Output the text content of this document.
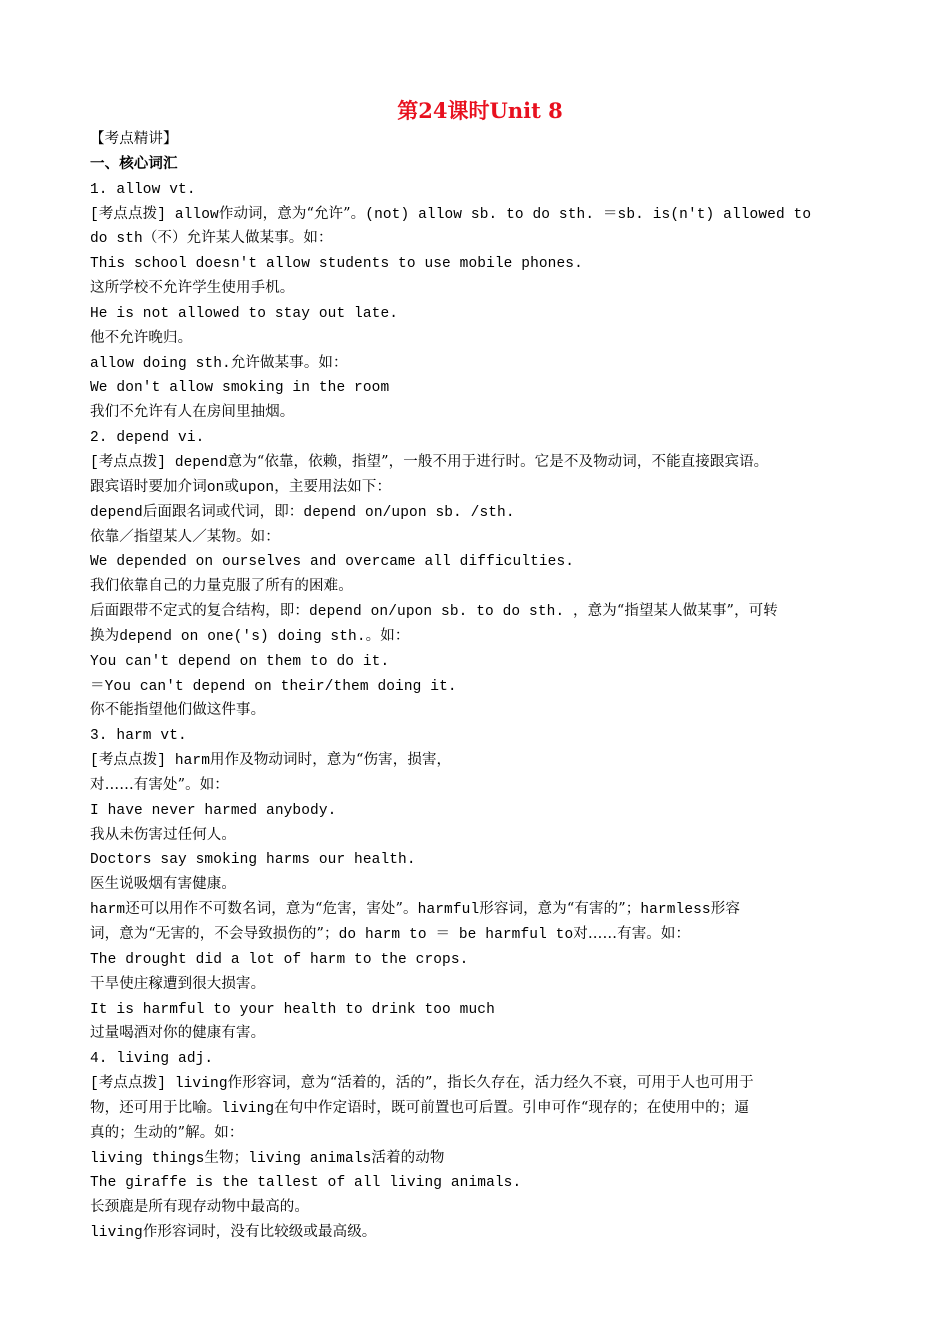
第24课时Unit 8
【考点精讲】
一、核心词汇
1. allow vt.
[考点点拨] allow作动词，意为“允许”。(not) allow sb. to do sth. ＝sb. is(n't) allowed to
do sth（不）允许某人做某事。如：
This school doesn't allow students to use mobile phones.
这所学校不允许学生使用手机。
He is not allowed to stay out late.
他不允许晚归。
allow doing sth.允许做某事。如：
We don't allow smoking in the room
我们不允许有人在房间里抽烟。
2. depend vi.
[考点点拨] depend意为“依靠，依赖，指望”，一般不用于进行时。它是不及物动词，不能直接跟宾语。
跟宾语时要加介词on或upon，主要用法如下：
depend后面跟名词或代词，即：depend on/upon sb. /sth.
依靠／指望某人／某物。如：
We depended on ourselves and overcame all difficulties.
我们依靠自己的力量克服了所有的困难。
后面跟带不定式的复合结构，即：depend on/upon sb. to do sth. ，意为“指望某人做某事”，可转
换为depend on one('s) doing sth.。如：
You can't depend on them to do it.
＝You can't depend on their/them doing it.
你不能指望他们做这件事。
3. harm vt.
[考点点拨] harm用作及物动词时，意为“伤害，损害，
对……有害处”。如：
I have never harmed anybody.
我从未伤害过任何人。
Doctors say smoking harms our health.
医生说吸烟有害健康。
harm还可以用作不可数名词，意为“危害，害处”。harmful形容词，意为“有害的”；harmless形容
词，意为“无害的，不会导致损伤的”；do harm to ＝ be harmful to对……有害。如：
The drought did a lot of harm to the crops.
干旱使庄稼遭到很大损害。
It is harmful to your health to drink too much
过量喝酒对你的健康有害。
4. living adj.
[考点点拨] living作形容词，意为“活着的，活的”，指长久存在，活力经久不衰，可用于人也可用于
物，还可用于比喻。living在句中作定语时，既可前置也可后置。引申可作“现存的；在使用中的；逼
真的；生动的”解。如：
living things生物；living animals活着的动物
The giraffe is the tallest of all living animals.
长颈鹿是所有现存动物中最高的。
living作形容词时，没有比较级或最高级。
